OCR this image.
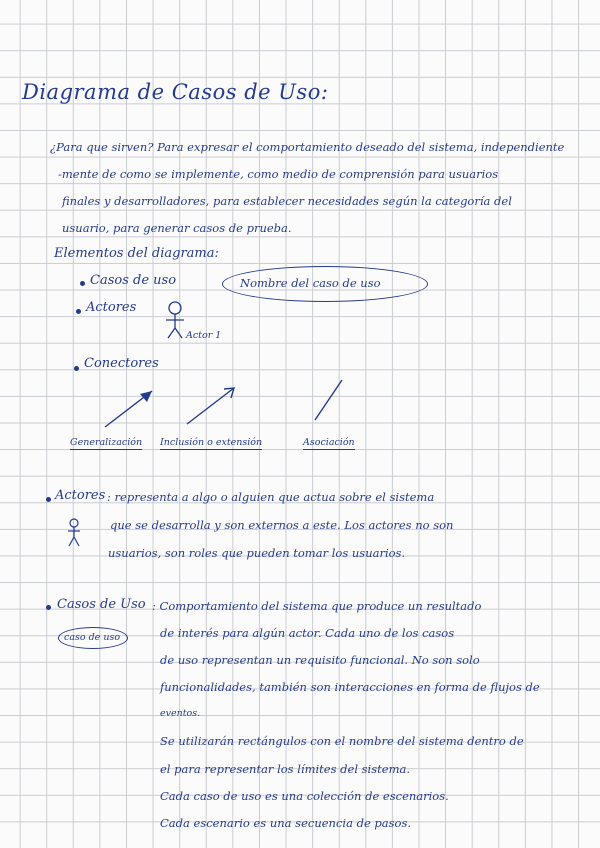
Diagrama de Casos de Uso:
¿Para que sirven? Para expresar el comportamiento deseado del sistema, independiente
-mente de como se implemente, como medio de comprensión para usuarios
finales y desarrolladores, para establecer necesidades según la categoría del
usuario, para generar casos de prueba.
Elementos del diagrama:
Casos de uso	Nombre del caso de uso
Actores
Actor 1
Conectores
Generalización Inclusión o extensión	Asociación
Actores : representa a algo o alguien que actua sobre el sistema
que se desarrolla y son externos a este. Los actores no son
usuarios, son roles que pueden tomar los usuarios.
Casos de Uso : Comportamiento del sistema que produce un resultado
caso de uso	de interés para algún actor. Cada uno de los casos
de uso representan un requisito funcional. No son solo
funcionalidades, también son interacciones en forma de flujos de
eventos.
Se utilizarán rectángulos con el nombre del sistema dentro de
el para representar los límites del sistema.
Cada caso de uso es una colección de escenarios.
Cada escenario es una secuencia de pasos.
